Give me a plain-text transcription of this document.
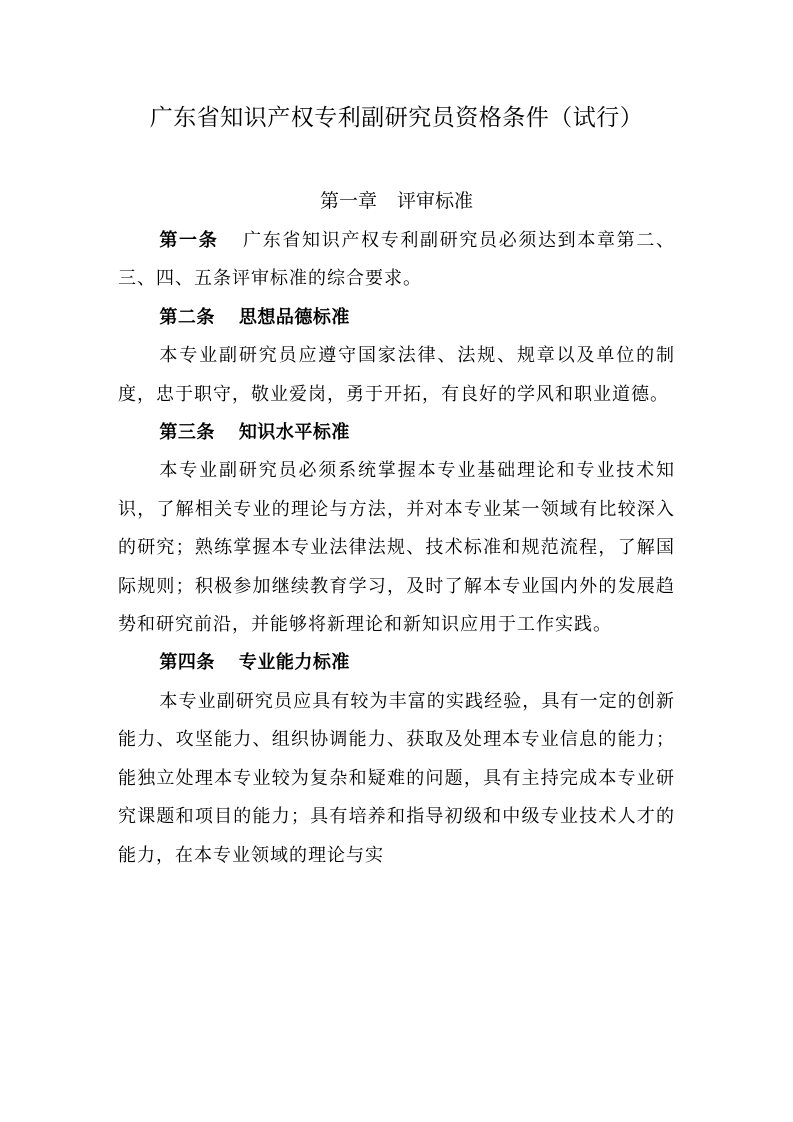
广东省知识产权专利副研究员资格条件（试行）
第一章 评审标准

第一条 广东省知识产权专利副研究员必须达到本章第二、三、四、五条评审标准的综合要求。

第二条 思想品德标准

本专业副研究员应遵守国家法律、法规、规章以及单位的制度，忠于职守，敬业爱岗，勇于开拓，有良好的学风和职业道德。

第三条 知识水平标准

本专业副研究员必须系统掌握本专业基础理论和专业技术知识，了解相关专业的理论与方法，并对本专业某一领域有比较深入的研究；熟练掌握本专业法律法规、技术标准和规范流程，了解国际规则；积极参加继续教育学习，及时了解本专业国内外的发展趋势和研究前沿，并能够将新理论和新知识应用于工作实践。

第四条 专业能力标准

本专业副研究员应具有较为丰富的实践经验，具有一定的创新能力、攻坚能力、组织协调能力、获取及处理本专业信息的能力；能独立处理本专业较为复杂和疑难的问题，具有主持完成本专业研究课题和项目的能力；具有培养和指导初级和中级专业技术人才的能力，在本专业领域的理论与实
